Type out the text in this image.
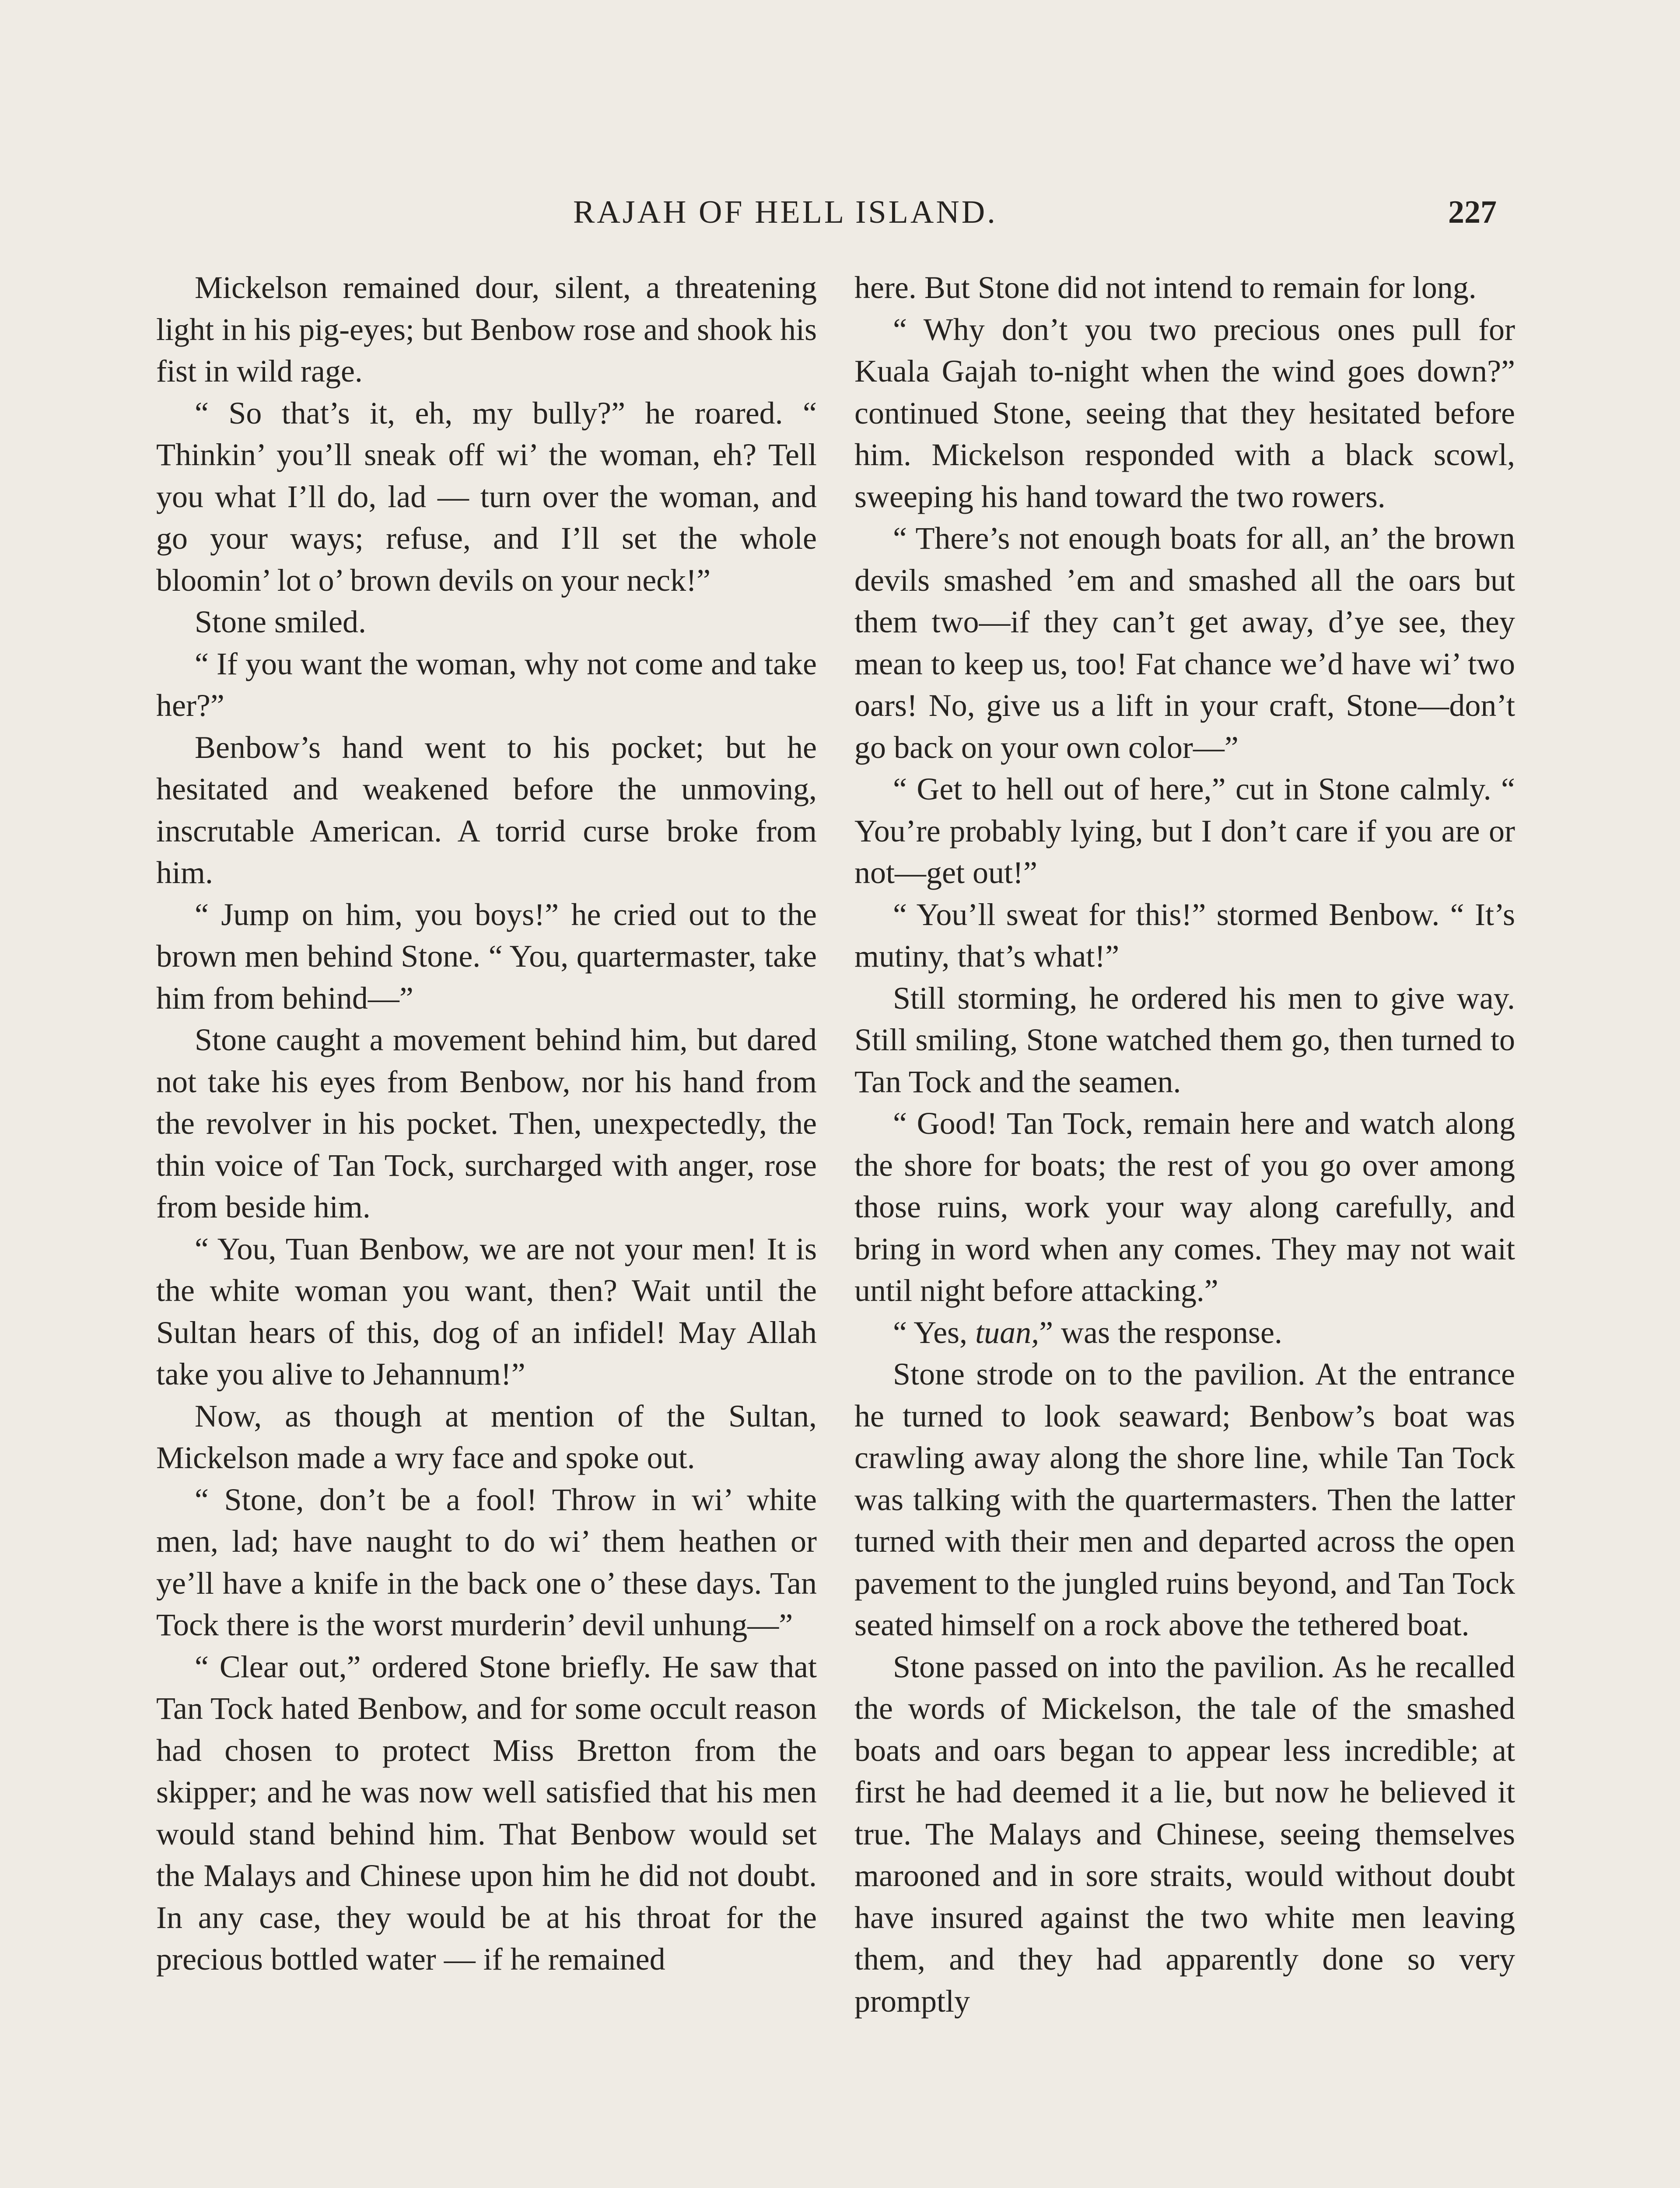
RAJAH OF HELL ISLAND.	227

Mickelson remained dour, silent, a threatening light in his pig-eyes; but Benbow rose and shook his fist in wild rage.

“ So that’s it, eh, my bully?” he roared. “ Thinkin’ you’ll sneak off wi’ the woman, eh? Tell you what I’ll do, lad — turn over the woman, and go your ways; refuse, and I’ll set the whole bloomin’ lot o’ brown devils on your neck!”

Stone smiled.

“ If you want the woman, why not come and take her?”

Benbow’s hand went to his pocket; but he hesitated and weakened before the unmoving, inscrutable American. A torrid curse broke from him.

“ Jump on him, you boys!” he cried out to the brown men behind Stone. “ You, quartermaster, take him from behind—”

Stone caught a movement behind him, but dared not take his eyes from Benbow, nor his hand from the revolver in his pocket. Then, unexpectedly, the thin voice of Tan Tock, surcharged with anger, rose from beside him.

“ You, Tuan Benbow, we are not your men! It is the white woman you want, then? Wait until the Sultan hears of this, dog of an infidel! May Allah take you alive to Jehannum!”

Now, as though at mention of the Sultan, Mickelson made a wry face and spoke out.

“ Stone, don’t be a fool! Throw in wi’ white men, lad; have naught to do wi’ them heathen or ye’ll have a knife in the back one o’ these days. Tan Tock there is the worst murderin’ devil unhung—”

“ Clear out,” ordered Stone briefly. He saw that Tan Tock hated Benbow, and for some occult reason had chosen to protect Miss Bretton from the skipper; and he was now well satisfied that his men would stand behind him. That Benbow would set the Malays and Chinese upon him he did not doubt. In any case, they would be at his throat for the precious bottled water — if he remained

here. But Stone did not intend to remain for long.

“ Why don’t you two precious ones pull for Kuala Gajah to-night when the wind goes down?” continued Stone, seeing that they hesitated before him. Mickelson responded with a black scowl, sweeping his hand toward the two rowers.

“ There’s not enough boats for all, an’ the brown devils smashed ’em and smashed all the oars but them two—if they can’t get away, d’ye see, they mean to keep us, too! Fat chance we’d have wi’ two oars! No, give us a lift in your craft, Stone—don’t go back on your own color—”

“ Get to hell out of here,” cut in Stone calmly. “ You’re probably lying, but I don’t care if you are or not—get out!”

“ You’ll sweat for this!” stormed Benbow. “ It’s mutiny, that’s what!”

Still storming, he ordered his men to give way. Still smiling, Stone watched them go, then turned to Tan Tock and the seamen.

“ Good! Tan Tock, remain here and watch along the shore for boats; the rest of you go over among those ruins, work your way along carefully, and bring in word when any comes. They may not wait until night before attacking.”

“ Yes, tuan,” was the response.

Stone strode on to the pavilion. At the entrance he turned to look seaward; Benbow’s boat was crawling away along the shore line, while Tan Tock was talking with the quartermasters. Then the latter turned with their men and departed across the open pavement to the jungled ruins beyond, and Tan Tock seated himself on a rock above the tethered boat.

Stone passed on into the pavilion. As he recalled the words of Mickelson, the tale of the smashed boats and oars began to appear less incredible; at first he had deemed it a lie, but now he believed it true. The Malays and Chinese, seeing themselves marooned and in sore straits, would without doubt have insured against the two white men leaving them, and they had apparently done so very promptly
